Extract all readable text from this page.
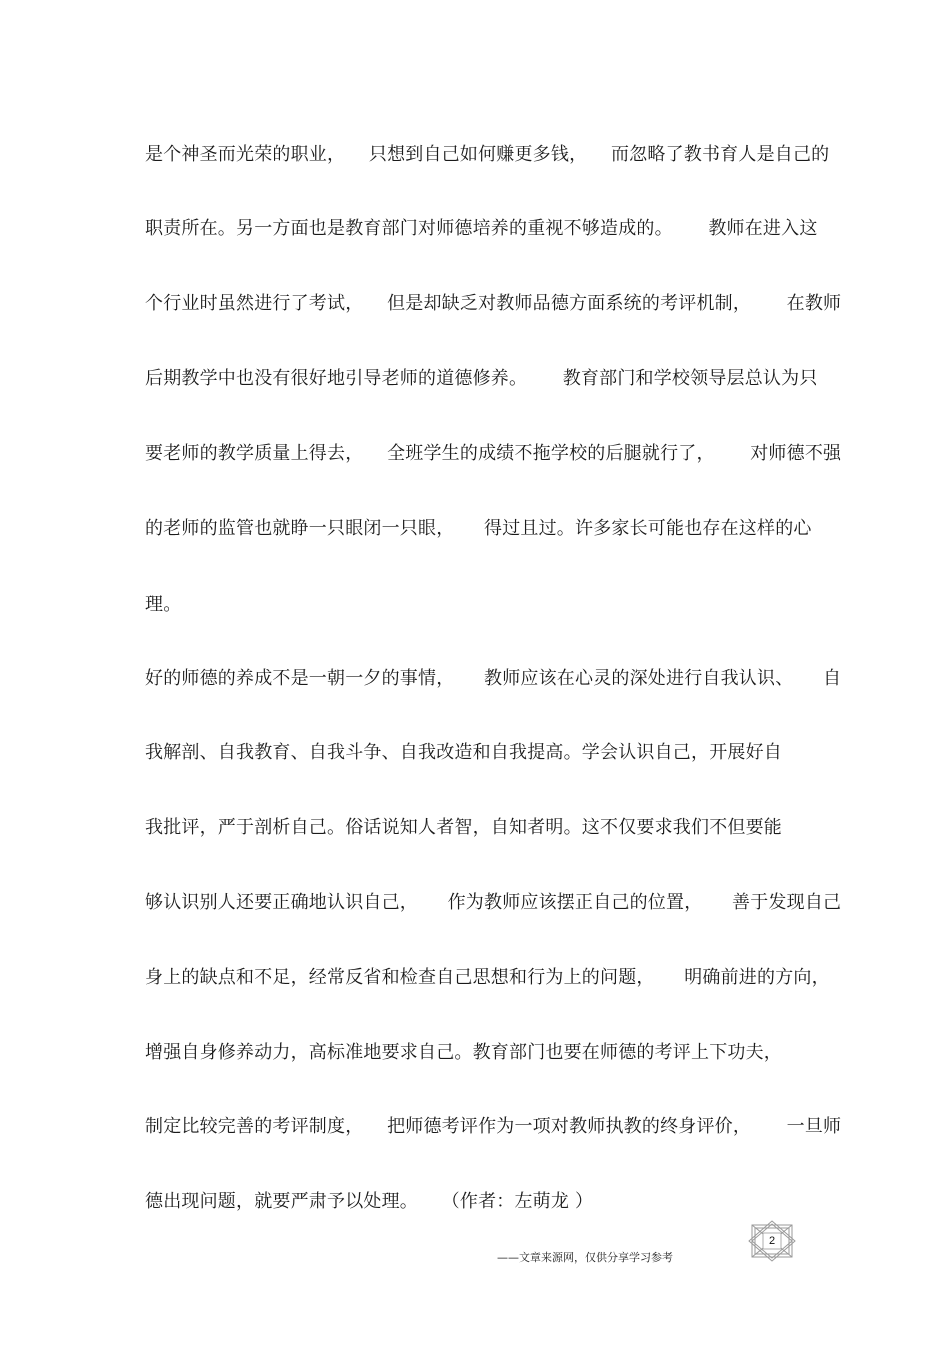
是个神圣而光荣的职业，    只想到自己如何赚更多钱，    而忽略了教书育人是自己的
职责所在。另一方面也是教育部门对师德培养的重视不够造成的。      教师在进入这
个行业时虽然进行了考试，    但是却缺乏对教师品德方面系统的考评机制，      在教师
后期教学中也没有很好地引导老师的道德修养。      教育部门和学校领导层总认为只
要老师的教学质量上得去，    全班学生的成绩不拖学校的后腿就行了，      对师德不强
的老师的监管也就睁一只眼闭一只眼，     得过且过。许多家长可能也存在这样的心
理。
好的师德的养成不是一朝一夕的事情，     教师应该在心灵的深处进行自我认识、     自
我解剖、自我教育、自我斗争、自我改造和自我提高。学会认识自己，开展好自
我批评，严于剖析自己。俗话说知人者智，自知者明。这不仅要求我们不但要能
够认识别人还要正确地认识自己，     作为教师应该摆正自己的位置，     善于发现自己
身上的缺点和不足，经常反省和检查自己思想和行为上的问题，     明确前进的方向，
增强自身修养动力，高标准地要求自己。教育部门也要在师德的考评上下功夫，
制定比较完善的考评制度，    把师德考评作为一项对教师执教的终身评价，      一旦师
德出现问题，就要严肃予以处理。    （作者：左萌龙 ）
——文章来源网，仅供分享学习参考
2
